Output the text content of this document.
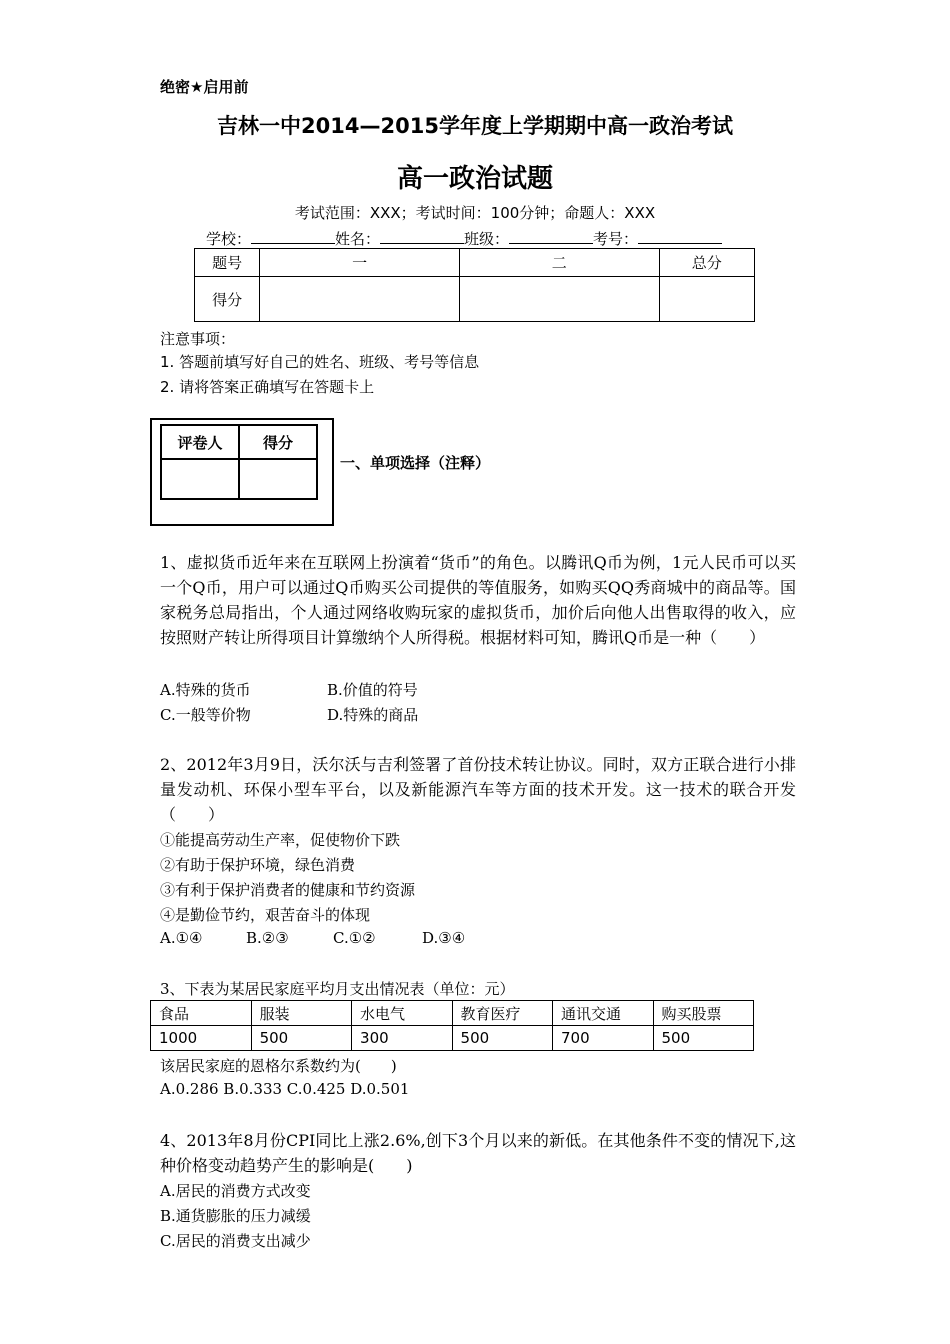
绝密★启用前
吉林一中2014—2015学年度上学期期中高一政治考试
高一政治试题
考试范围：XXX；考试时间：100分钟；命题人：XXX
学校：	姓名：	班级：	考号：
题号	一	二	总分
得分			
注意事项：
1. 答题前填写好自己的姓名、班级、考号等信息
2. 请将答案正确填写在答题卡上
评卷人	得分

一、单项选择（注释）
1、虚拟货币近年来在互联网上扮演着“货币”的角色。以腾讯Q币为例，1元人民币可以买一个Q币，用户可以通过Q币购买公司提供的等值服务，如购买QQ秀商城中的商品等。国家税务总局指出，个人通过网络收购玩家的虚拟货币，加价后向他人出售取得的收入，应按照财产转让所得项目计算缴纳个人所得税。根据材料可知，腾讯Q币是一种（　　）
A.特殊的货币	B.价值的符号
C.一般等价物	D.特殊的商品
2、2012年3月9日，沃尔沃与吉利签署了首份技术转让协议。同时，双方正联合进行小排量发动机、环保小型车平台，以及新能源汽车等方面的技术开发。这一技术的联合开发（　　）
①能提高劳动生产率，促使物价下跌
②有助于保护环境，绿色消费
③有利于保护消费者的健康和节约资源
④是勤俭节约，艰苦奋斗的体现
A.①④	B.②③	C.①②	D.③④
3、下表为某居民家庭平均月支出情况表（单位：元）
食品	服装	水电气	教育医疗	通讯交通	购买股票
1000	500	300	500	700	500
该居民家庭的恩格尔系数约为(　　)
A.0.286 B.0.333 C.0.425 D.0.501
4、2013年8月份CPI同比上涨2.6%,创下3个月以来的新低。在其他条件不变的情况下,这种价格变动趋势产生的影响是(　　)
A.居民的消费方式改变
B.通货膨胀的压力减缓
C.居民的消费支出减少
